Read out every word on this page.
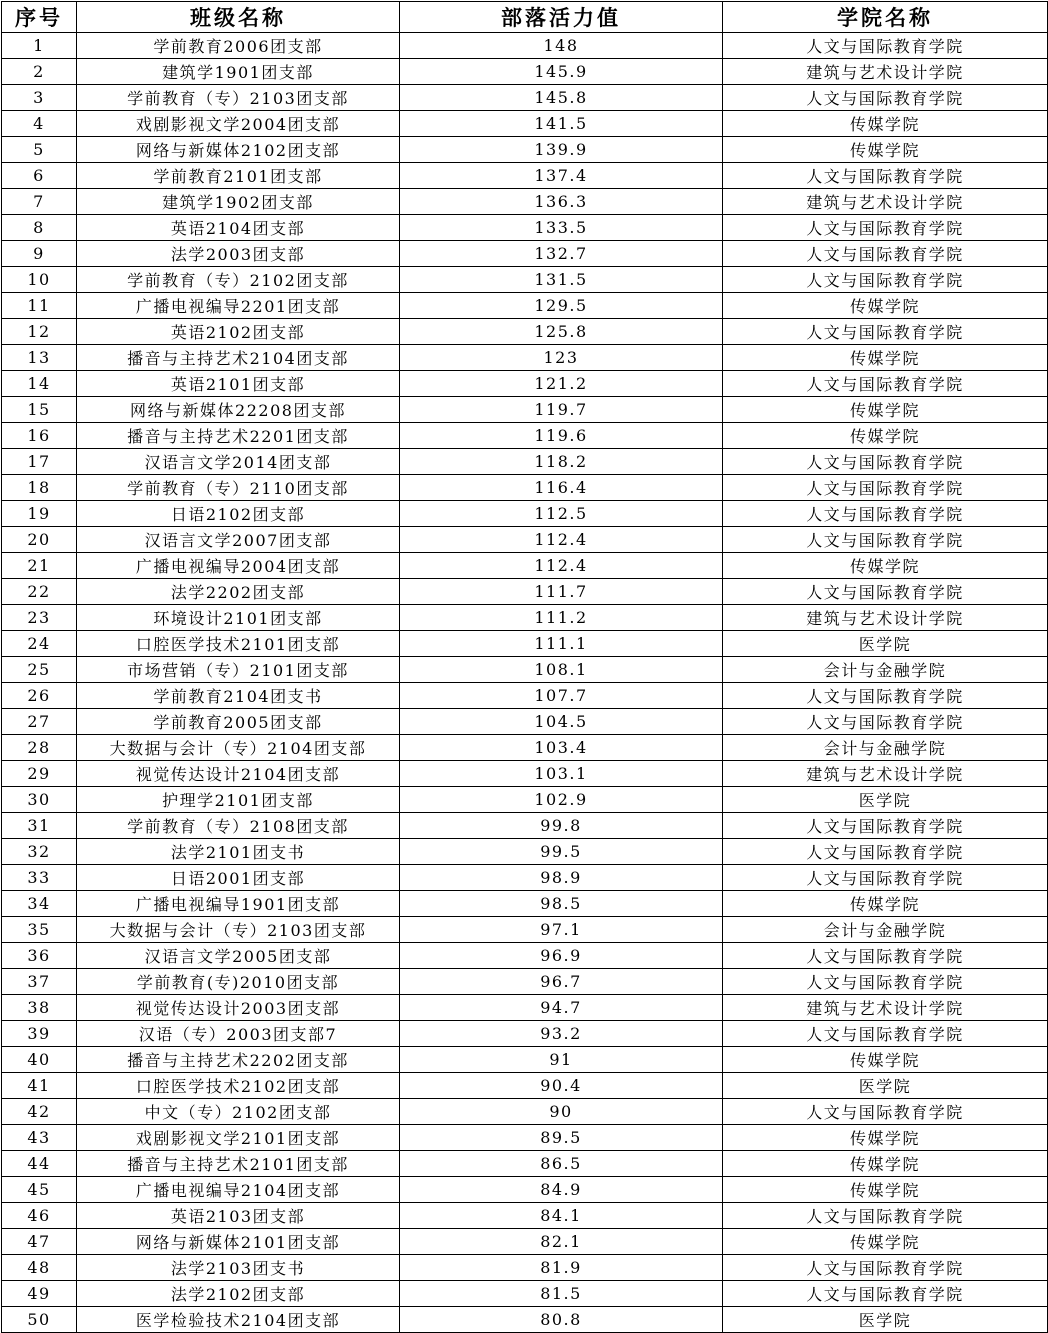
序号	班级名称	部落活力值	学院名称
1	学前教育2006团支部	148	人文与国际教育学院
2	建筑学1901团支部	145.9	建筑与艺术设计学院
3	学前教育（专）2103团支部	145.8	人文与国际教育学院
4	戏剧影视文学2004团支部	141.5	传媒学院
5	网络与新媒体2102团支部	139.9	传媒学院
6	学前教育2101团支部	137.4	人文与国际教育学院
7	建筑学1902团支部	136.3	建筑与艺术设计学院
8	英语2104团支部	133.5	人文与国际教育学院
9	法学2003团支部	132.7	人文与国际教育学院
10	学前教育（专）2102团支部	131.5	人文与国际教育学院
11	广播电视编导2201团支部	129.5	传媒学院
12	英语2102团支部	125.8	人文与国际教育学院
13	播音与主持艺术2104团支部	123	传媒学院
14	英语2101团支部	121.2	人文与国际教育学院
15	网络与新媒体22208团支部	119.7	传媒学院
16	播音与主持艺术2201团支部	119.6	传媒学院
17	汉语言文学2014团支部	118.2	人文与国际教育学院
18	学前教育（专）2110团支部	116.4	人文与国际教育学院
19	日语2102团支部	112.5	人文与国际教育学院
20	汉语言文学2007团支部	112.4	人文与国际教育学院
21	广播电视编导2004团支部	112.4	传媒学院
22	法学2202团支部	111.7	人文与国际教育学院
23	环境设计2101团支部	111.2	建筑与艺术设计学院
24	口腔医学技术2101团支部	111.1	医学院
25	市场营销（专）2101团支部	108.1	会计与金融学院
26	学前教育2104团支书	107.7	人文与国际教育学院
27	学前教育2005团支部	104.5	人文与国际教育学院
28	大数据与会计（专）2104团支部	103.4	会计与金融学院
29	视觉传达设计2104团支部	103.1	建筑与艺术设计学院
30	护理学2101团支部	102.9	医学院
31	学前教育（专）2108团支部	99.8	人文与国际教育学院
32	法学2101团支书	99.5	人文与国际教育学院
33	日语2001团支部	98.9	人文与国际教育学院
34	广播电视编导1901团支部	98.5	传媒学院
35	大数据与会计（专）2103团支部	97.1	会计与金融学院
36	汉语言文学2005团支部	96.9	人文与国际教育学院
37	学前教育(专)2010团支部	96.7	人文与国际教育学院
38	视觉传达设计2003团支部	94.7	建筑与艺术设计学院
39	汉语（专）2003团支部7	93.2	人文与国际教育学院
40	播音与主持艺术2202团支部	91	传媒学院
41	口腔医学技术2102团支部	90.4	医学院
42	中文（专）2102团支部	90	人文与国际教育学院
43	戏剧影视文学2101团支部	89.5	传媒学院
44	播音与主持艺术2101团支部	86.5	传媒学院
45	广播电视编导2104团支部	84.9	传媒学院
46	英语2103团支部	84.1	人文与国际教育学院
47	网络与新媒体2101团支部	82.1	传媒学院
48	法学2103团支书	81.9	人文与国际教育学院
49	法学2102团支部	81.5	人文与国际教育学院
50	医学检验技术2104团支部	80.8	医学院
